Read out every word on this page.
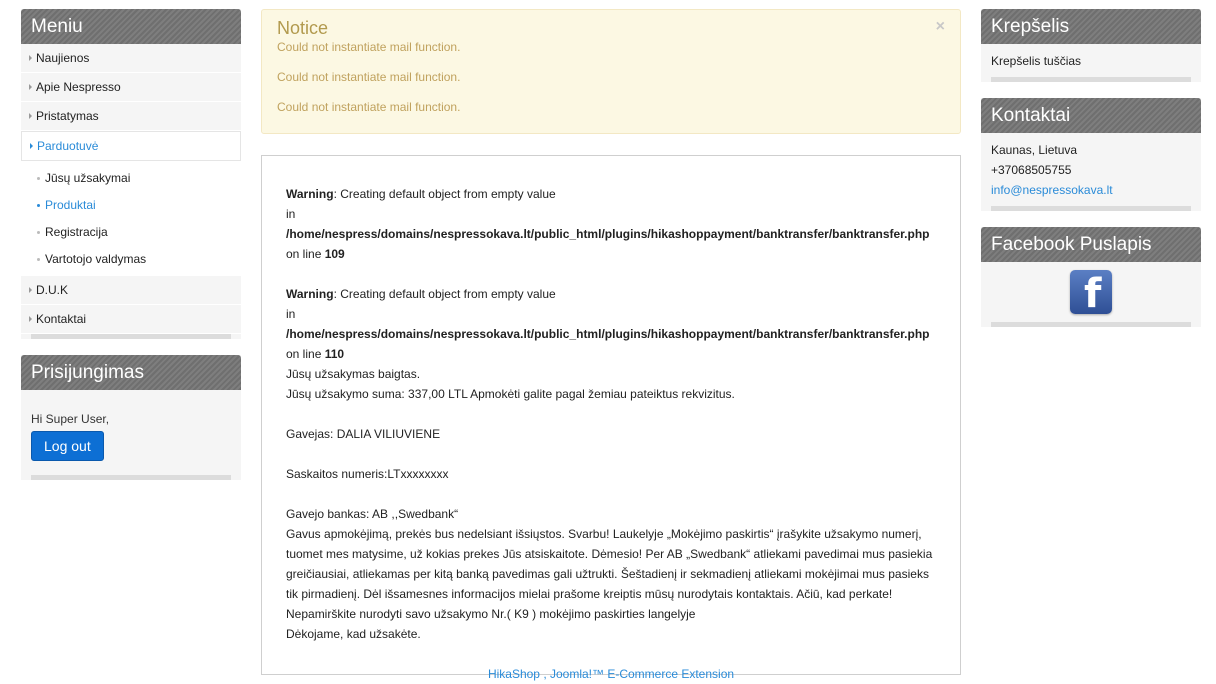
Meniu
Naujienos
Apie Nespresso
Pristatymas
Parduotuvė
Jūsų užsakymai
Produktai
Registracija
Vartotojo valdymas
D.U.K
Kontaktai
Prisijungimas
Hi Super User,
Log out
Notice	×
Could not instantiate mail function.
Could not instantiate mail function.
Could not instantiate mail function.
Warning: Creating default object from empty value
in /home/nespress/domains/nespressokava.lt/public_html/plugins/hikashoppayment/banktransfer/banktransfer.php
on line 109
Warning: Creating default object from empty value
in /home/nespress/domains/nespressokava.lt/public_html/plugins/hikashoppayment/banktransfer/banktransfer.php
on line 110
Jūsų užsakymas baigtas.
Jūsų užsakymo suma: 337,00 LTL Apmokėti galite pagal žemiau pateiktus rekvizitus.
Gavejas: DALIA VILIUVIENE
Saskaitos numeris:LTxxxxxxxx
Gavejo bankas: AB ,,Swedbank“
Gavus apmokėjimą, prekės bus nedelsiant išsiųstos. Svarbu! Laukelyje „Mokėjimo paskirtis“ įrašykite užsakymo numerį,
tuomet mes matysime, už kokias prekes Jūs atsiskaitote. Dėmesio! Per AB „Swedbank“ atliekami pavedimai mus pasiekia
greičiausiai, atliekamas per kitą banką pavedimas gali užtrukti. Šeštadienį ir sekmadienį atliekami mokėjimai mus pasieks
tik pirmadienį. Dėl išsamesnes informacijos mielai prašome kreiptis mūsų nurodytais kontaktais. Ačiū, kad perkate!
Nepamirškite nurodyti savo užsakymo Nr.( K9 ) mokėjimo paskirties langelyje
Dėkojame, kad užsakėte.
HikaShop , Joomla!™ E-Commerce Extension
Krepšelis
Krepšelis tuščias
Kontaktai
Kaunas, Lietuva
+37068505755
info@nespressokava.lt
Facebook Puslapis
f
